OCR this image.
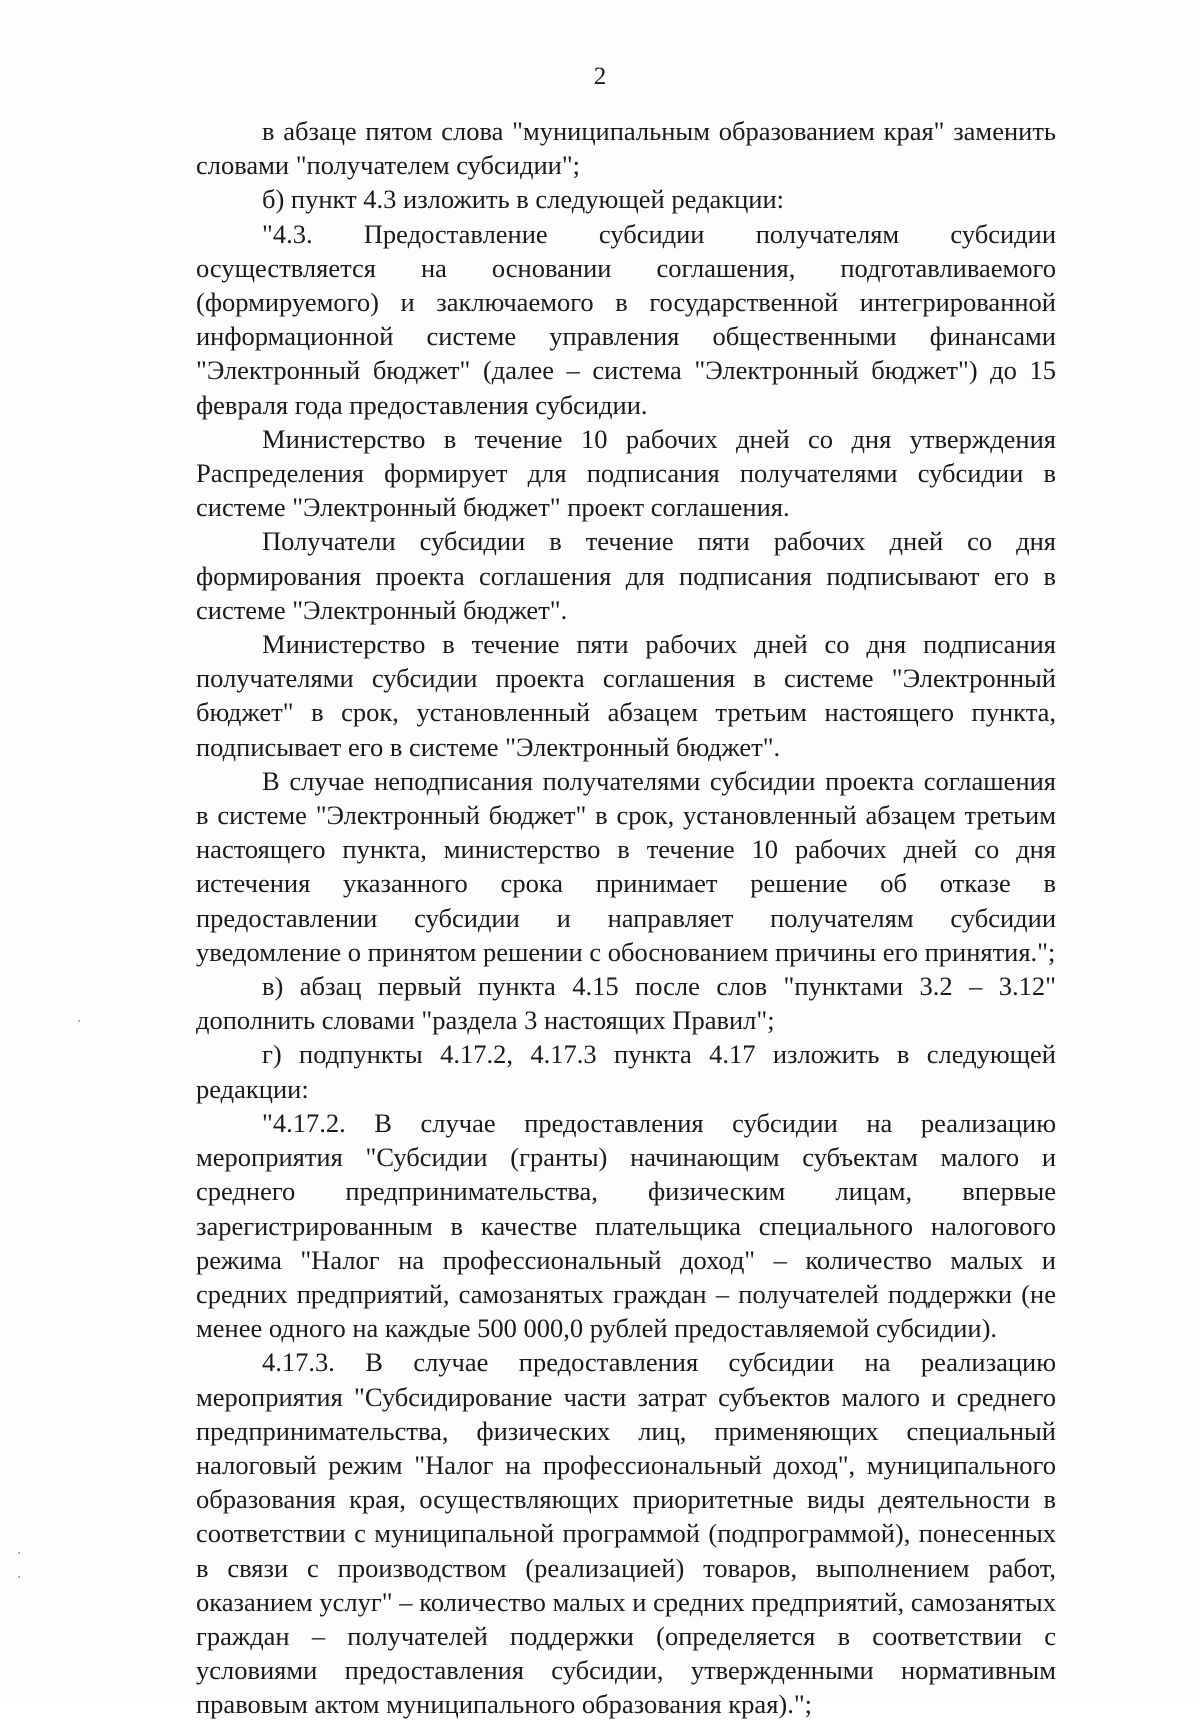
2

в абзаце пятом слова "муниципальным образованием края" заменить словами "получателем субсидии";

б) пункт 4.3 изложить в следующей редакции:

"4.3. Предоставление субсидии получателям субсидии осуществляется на основании соглашения, подготавливаемого (формируемого) и заключаемого в государственной интегрированной информационной системе управления общественными финансами "Электронный бюджет" (далее – система "Электронный бюджет") до 15 февраля года предоставления субсидии.

Министерство в течение 10 рабочих дней со дня утверждения Распределения формирует для подписания получателями субсидии в системе "Электронный бюджет" проект соглашения.

Получатели субсидии в течение пяти рабочих дней со дня формирования проекта соглашения для подписания подписывают его в системе "Электронный бюджет".

Министерство в течение пяти рабочих дней со дня подписания получателями субсидии проекта соглашения в системе "Электронный бюджет" в срок, установленный абзацем третьим настоящего пункта, подписывает его в системе "Электронный бюджет".

В случае неподписания получателями субсидии проекта соглашения в системе "Электронный бюджет" в срок, установленный абзацем третьим настоящего пункта, министерство в течение 10 рабочих дней со дня истечения указанного срока принимает решение об отказе в предоставлении субсидии и направляет получателям субсидии уведомление о принятом решении с обоснованием причины его принятия.";

в) абзац первый пункта 4.15 после слов "пунктами 3.2 – 3.12" дополнить словами "раздела 3 настоящих Правил";

г) подпункты 4.17.2, 4.17.3 пункта 4.17 изложить в следующей редакции:

"4.17.2. В случае предоставления субсидии на реализацию мероприятия "Субсидии (гранты) начинающим субъектам малого и среднего предпринимательства, физическим лицам, впервые зарегистрированным в качестве плательщика специального налогового режима "Налог на профессиональный доход" – количество малых и средних предприятий, самозанятых граждан – получателей поддержки (не менее одного на каждые 500 000,0 рублей предоставляемой субсидии).

4.17.3. В случае предоставления субсидии на реализацию мероприятия "Субсидирование части затрат субъектов малого и среднего предпринимательства, физических лиц, применяющих специальный налоговый режим "Налог на профессиональный доход", муниципального образования края, осуществляющих приоритетные виды деятельности в соответствии с муниципальной программой (подпрограммой), понесенных в связи с производством (реализацией) товаров, выполнением работ, оказанием услуг" – количество малых и средних предприятий, самозанятых граждан – получателей поддержки (определяется в соответствии с условиями предоставления субсидии, утвержденными нормативным правовым актом муниципального образования края).";
